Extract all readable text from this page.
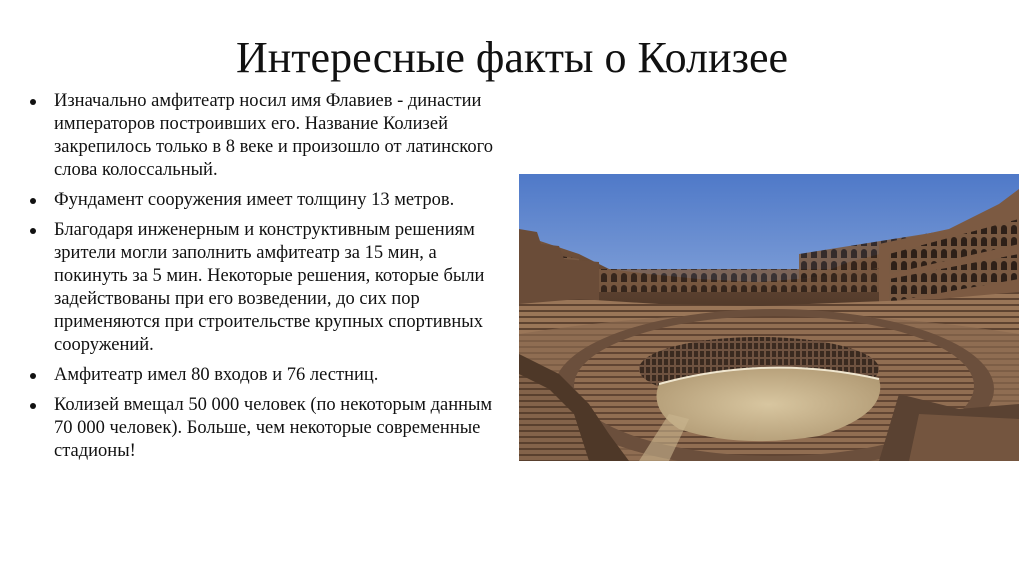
Интересные факты о Колизее
Изначально амфитеатр носил имя Флавиев - династии императоров построивших его. Название Колизей закрепилось только в 8 веке и произошло от латинского слова колоссальный.
Фундамент сооружения имеет толщину 13 метров.
Благодаря инженерным и конструктивным решениям зрители могли заполнить амфитеатр за 15 мин, а покинуть за 5 мин. Некоторые решения, которые были задействованы при его возведении, до сих пор применяются при строительстве крупных спортивных сооружений.
Амфитеатр имел 80 входов и 76 лестниц.
Колизей вмещал 50 000 человек (по некоторым данным 70 000 человек). Больше, чем некоторые современные стадионы!
